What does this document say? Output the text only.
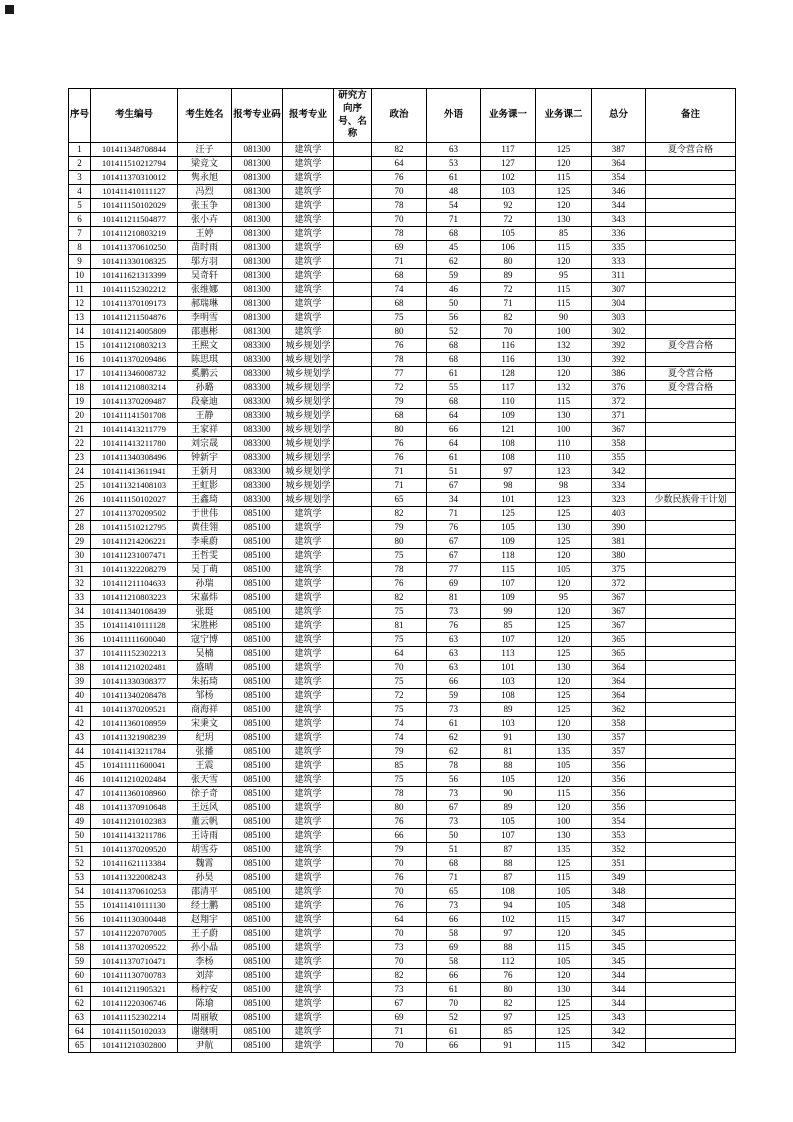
序号	考生编号	考生姓名	报考专业码	报考专业	研究方向序号、名称	政治	外语	业务课一	业务课二	总分	备注
1	101411348708844	汪子	081300	建筑学		82	63	117	125	387	夏令营合格
2	101411510212794	梁竞文	081300	建筑学		64	53	127	120	364	
3	101411370310012	隽永旭	081300	建筑学		76	61	102	115	354	
4	101411410111127	冯烈	081300	建筑学		70	48	103	125	346	
5	101411150102029	张玉争	081300	建筑学		78	54	92	120	344	
6	101411211504877	张小卉	081300	建筑学		70	71	72	130	343	
7	101411210803219	王婷	081300	建筑学		78	68	105	85	336	
8	101411370610250	苗时雨	081300	建筑学		69	45	106	115	335	
9	101411330108325	邬方羽	081300	建筑学		71	62	80	120	333	
10	101411621313399	吴奇轩	081300	建筑学		68	59	89	95	311	
11	101411152302212	张维娜	081300	建筑学		74	46	72	115	307	
12	101411370109173	郝瑞琳	081300	建筑学		68	50	71	115	304	
13	101411211504876	李明雪	081300	建筑学		75	56	82	90	303	
14	101411214005809	邵惠彬	081300	建筑学		80	52	70	100	302	
15	101411210803213	王熙文	083300	城乡规划学		76	68	116	132	392	夏令营合格
16	101411370209486	陈思琪	083300	城乡规划学		78	68	116	130	392	
17	101411346008732	奚鹏云	083300	城乡规划学		77	61	128	120	386	夏令营合格
18	101411210803214	孙璐	083300	城乡规划学		72	55	117	132	376	夏令营合格
19	101411370209487	段豪迪	083300	城乡规划学		79	68	110	115	372	
20	101411141501708	王静	083300	城乡规划学		68	64	109	130	371	
21	101411413211779	王家祥	083300	城乡规划学		80	66	121	100	367	
22	101411413211780	刘宗晟	083300	城乡规划学		76	64	108	110	358	
23	101411340308496	钟新宇	083300	城乡规划学		76	61	108	110	355	
24	101411413611941	王新月	083300	城乡规划学		71	51	97	123	342	
25	101411321408103	王虹影	083300	城乡规划学		71	67	98	98	334	
26	101411150102027	王鑫琦	083300	城乡规划学		65	34	101	123	323	少数民族骨干计划
27	101411370209502	于世伟	085100	建筑学		82	71	125	125	403	
28	101411510212795	黄佳翎	085100	建筑学		79	76	105	130	390	
29	101411214206221	李乘蔚	085100	建筑学		80	67	109	125	381	
30	101411231007471	王哲雯	085100	建筑学		75	67	118	120	380	
31	101411322208279	吴丁萌	085100	建筑学		78	77	115	105	375	
32	101411211104633	孙瑞	085100	建筑学		76	69	107	120	372	
33	101411210803223	宋嘉炜	085100	建筑学		82	81	109	95	367	
34	101411340108439	张珽	085100	建筑学		75	73	99	120	367	
35	101411410111128	宋胜彬	085100	建筑学		81	76	85	125	367	
36	101411111600040	寇宁博	085100	建筑学		75	63	107	120	365	
37	101411152302213	吴楠	085100	建筑学		64	63	113	125	365	
38	101411210202481	盛晴	085100	建筑学		70	63	101	130	364	
39	101411330308377	朱拓琦	085100	建筑学		75	66	103	120	364	
40	101411340208478	邹杨	085100	建筑学		72	59	108	125	364	
41	101411370209521	商海祥	085100	建筑学		75	73	89	125	362	
42	101411360108959	宋秉文	085100	建筑学		74	61	103	120	358	
43	101411321908239	纪玥	085100	建筑学		74	62	91	130	357	
44	101411413211784	张播	085100	建筑学		79	62	81	135	357	
45	101411111600041	王震	085100	建筑学		85	78	88	105	356	
46	101411210202484	张天雪	085100	建筑学		75	56	105	120	356	
47	101411360108960	徐子奇	085100	建筑学		78	73	90	115	356	
48	101411370910648	王远风	085100	建筑学		80	67	89	120	356	
49	101411210102383	董云帆	085100	建筑学		76	73	105	100	354	
50	101411413211786	王诗雨	085100	建筑学		66	50	107	130	353	
51	101411370209520	胡雪芬	085100	建筑学		79	51	87	135	352	
52	101411621113384	魏霄	085100	建筑学		70	68	88	125	351	
53	101411322008243	孙昊	085100	建筑学		76	71	87	115	349	
54	101411370610253	邵清平	085100	建筑学		70	65	108	105	348	
55	101411410111130	经士鹏	085100	建筑学		76	73	94	105	348	
56	101411130300448	赵翔宇	085100	建筑学		64	66	102	115	347	
57	101411220707005	王子蔚	085100	建筑学		70	58	97	120	345	
58	101411370209522	孙小晶	085100	建筑学		73	69	88	115	345	
59	101411370710471	李杨	085100	建筑学		70	58	112	105	345	
60	101411130700783	刘萍	085100	建筑学		82	66	76	120	344	
61	101411211905321	杨柠安	085100	建筑学		73	61	80	130	344	
62	101411220306746	陈瑜	085100	建筑学		67	70	82	125	344	
63	101411152302214	周丽敏	085100	建筑学		69	52	97	125	343	
64	101411150102033	谢继明	085100	建筑学		71	61	85	125	342	
65	101411210302800	尹航	085100	建筑学		70	66	91	115	342	
